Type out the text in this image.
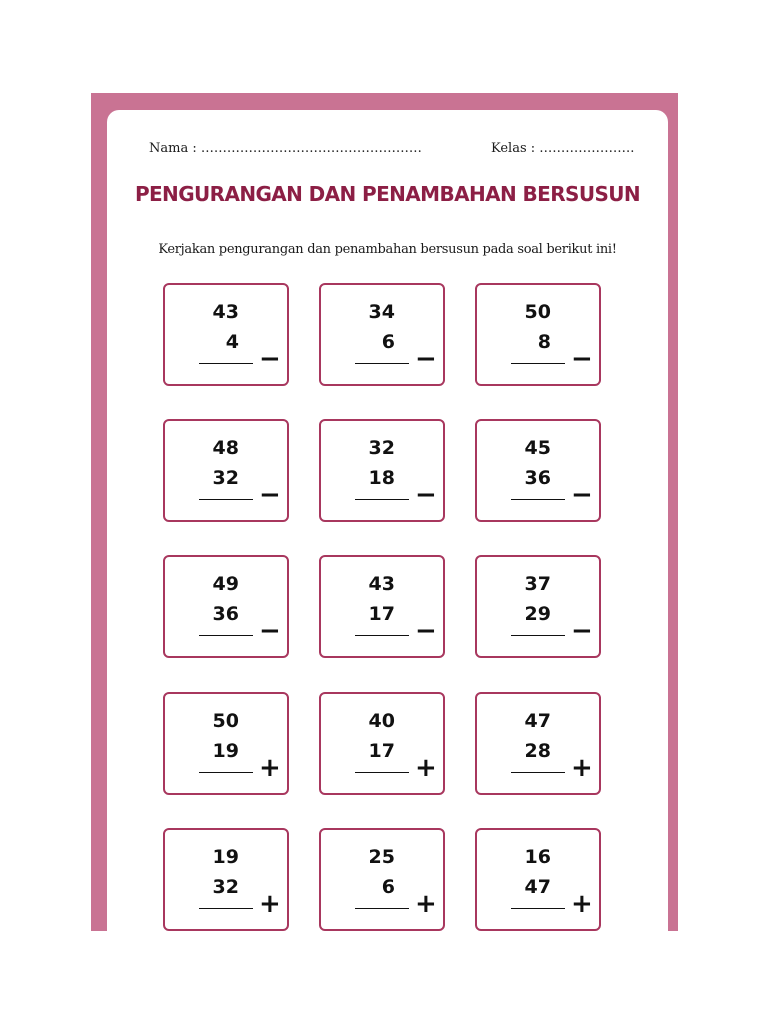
Nama : ……………………………………………	Kelas : ………………….
PENGURANGAN DAN PENAMBAHAN BERSUSUN
Kerjakan pengurangan dan penambahan bersusun pada soal berikut ini!
43
4
−
34
6
−
50
8
−
48
32
−
32
18
−
45
36
−
49
36
−
43
17
−
37
29
−
50
19
+
40
17
+
47
28
+
19
32
+
25
6
+
16
47
+
